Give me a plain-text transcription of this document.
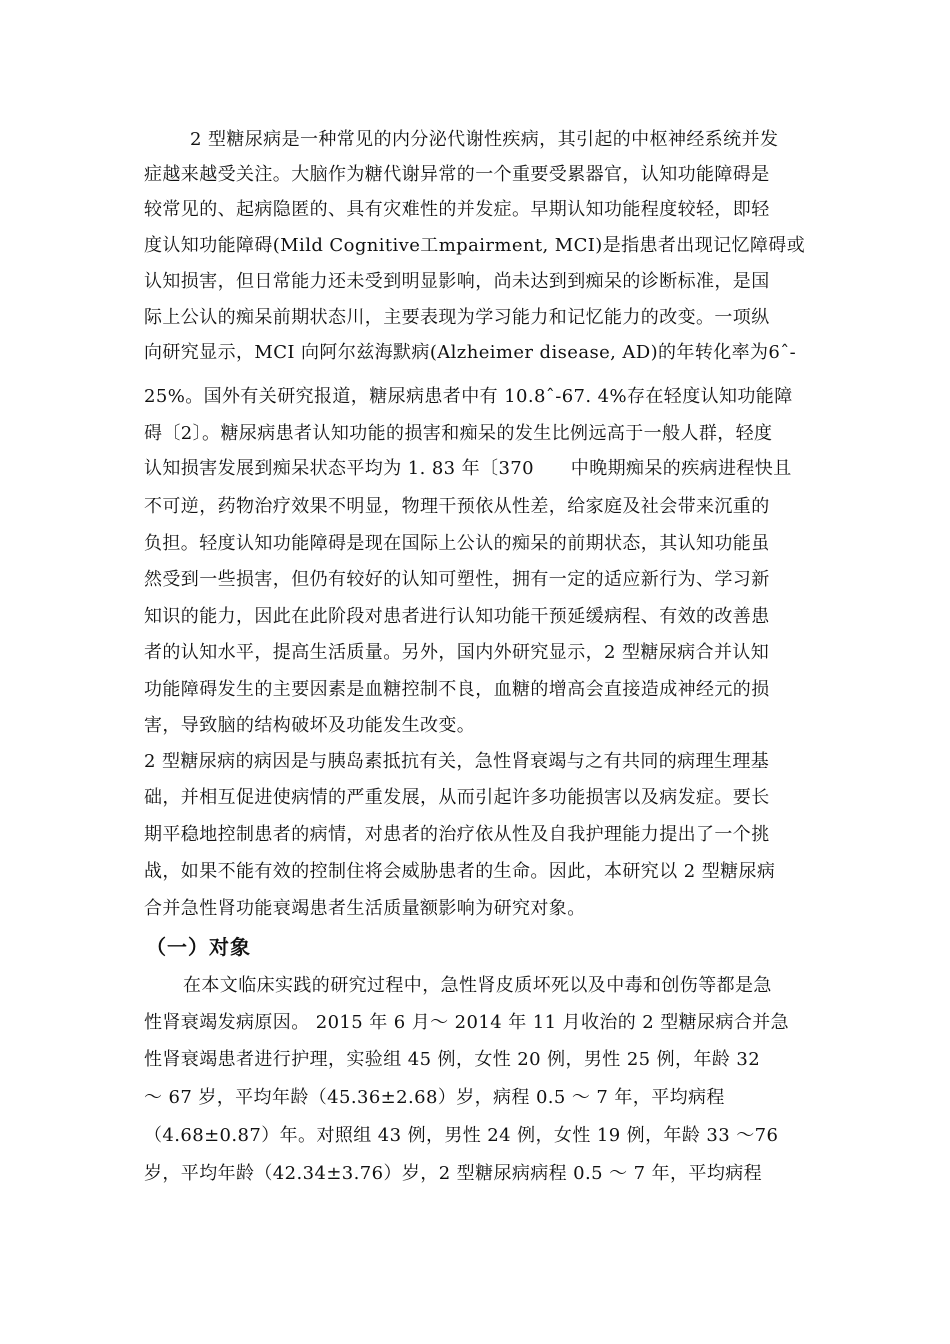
2 型糖尿病是一种常见的内分泌代谢性疾病，其引起的中枢神经系统并发
症越来越受关注。大脑作为糖代谢异常的一个重要受累器官，认知功能障碍是
较常见的、起病隐匿的、具有灾难性的并发症。早期认知功能程度较轻，即轻
度认知功能障碍(Mild Cognitive工mpairment, MCI)是指患者出现记忆障碍或
认知损害，但日常能力还未受到明显影响，尚未达到到痴呆的诊断标准，是国
际上公认的痴呆前期状态川，主要表现为学习能力和记忆能力的改变。一项纵
向研究显示，MCI 向阿尔兹海默病(Alzheimer disease, AD)的年转化率为6ˆ-
25%。国外有关研究报道，糖尿病患者中有 10.8ˆ-67. 4%存在轻度认知功能障
碍〔2〕。糖尿病患者认知功能的损害和痴呆的发生比例远高于一般人群，轻度
认知损害发展到痴呆状态平均为 1. 83 年〔370　　中晚期痴呆的疾病进程快且
不可逆，药物治疗效果不明显，物理干预依从性差，给家庭及社会带来沉重的
负担。轻度认知功能障碍是现在国际上公认的痴呆的前期状态，其认知功能虽
然受到一些损害，但仍有较好的认知可塑性，拥有一定的适应新行为、学习新
知识的能力，因此在此阶段对患者进行认知功能干预延缓病程、有效的改善患
者的认知水平，提高生活质量。另外，国内外研究显示，2 型糖尿病合并认知
功能障碍发生的主要因素是血糖控制不良，血糖的增高会直接造成神经元的损
害，导致脑的结构破坏及功能发生改变。
2 型糖尿病的病因是与胰岛素抵抗有关，急性肾衰竭与之有共同的病理生理基
础，并相互促进使病情的严重发展，从而引起许多功能损害以及病发症。要长
期平稳地控制患者的病情，对患者的治疗依从性及自我护理能力提出了一个挑
战，如果不能有效的控制住将会威胁患者的生命。因此，本研究以 2 型糖尿病
合并急性肾功能衰竭患者生活质量额影响为研究对象。
（一）对象
在本文临床实践的研究过程中，急性肾皮质坏死以及中毒和创伤等都是急
性肾衰竭发病原因。 2015 年 6 月～ 2014 年 11 月收治的 2 型糖尿病合并急
性肾衰竭患者进行护理，实验组 45 例，女性 20 例，男性 25 例，年龄 32
～ 67 岁，平均年龄（45.36±2.68）岁，病程 0.5 ～ 7 年，平均病程
（4.68±0.87）年。对照组 43 例，男性 24 例，女性 19 例，年龄 33 ～76
岁，平均年龄（42.34±3.76）岁，2 型糖尿病病程 0.5 ～ 7 年，平均病程
